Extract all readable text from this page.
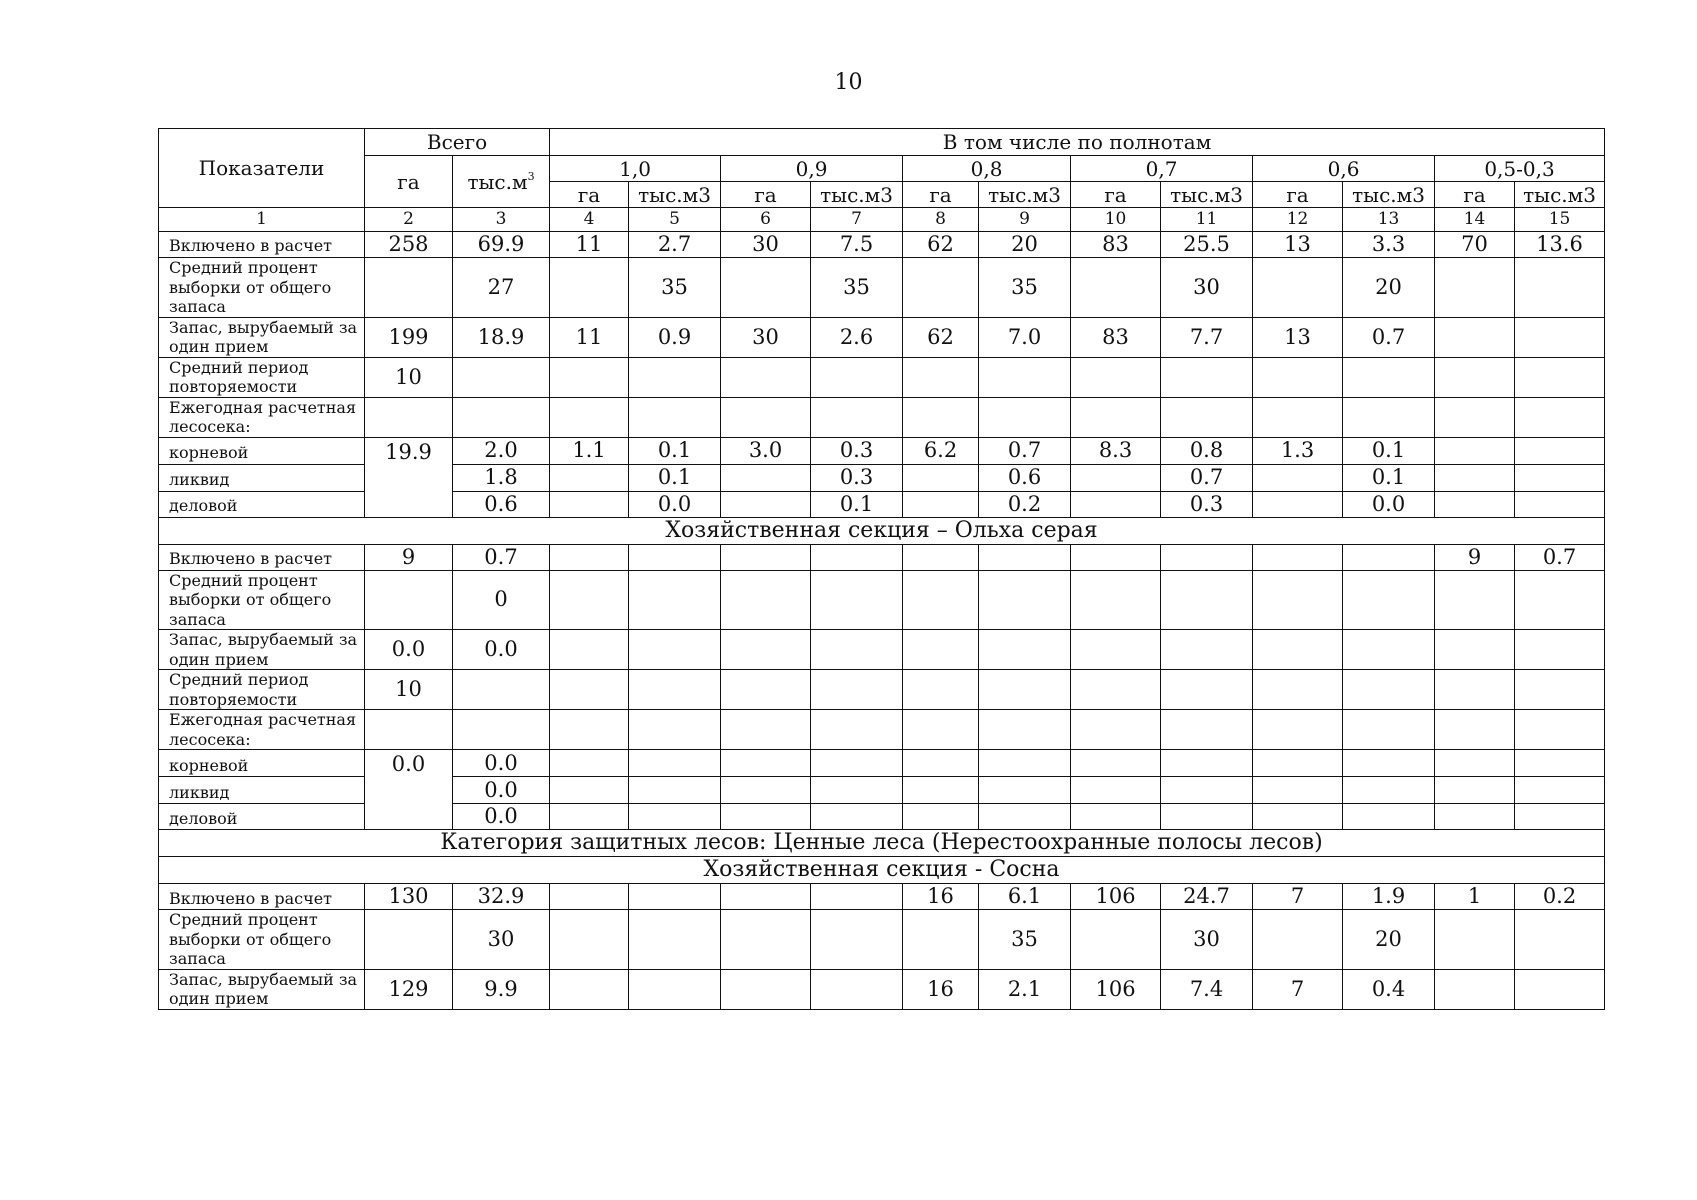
10
Показатели	Всего		В том числе по полнотам											
	га	$тыс.м^3$	1,0		0,9		0,8		0,7		0,6		0,5-0,3	
			га	тыс.м3	га	тыс.м3	га	тыс.м3	га	тыс.м3	га	тыс.м3	га	тыс.м3
1	2	3	4	5	6	7	8	9	10	11	12	13	14	15
Включено в расчет	258	69.9	11	2.7	30	7.5	62	20	83	25.5	13	3.3	70	13.6
Средний процент выборки от общего запаса		27		35		35		35		30		20		
Запас, вырубаемый за один прием	199	18.9	11	0.9	30	2.6	62	7.0	83	7.7	13	0.7		
Средний период повторяемости	10													
Ежегодная расчетная лесосека:														
корневой	19.9	2.0	1.1	0.1	3.0	0.3	6.2	0.7	8.3	0.8	1.3	0.1		
ликвид		1.8		0.1		0.3		0.6		0.7		0.1		
деловой		0.6		0.0		0.1		0.2		0.3		0.0		
Хозяйственная секция – Ольха серая														
Включено в расчет	9	0.7											9	0.7
Средний процент выборки от общего запаса		0												
Запас, вырубаемый за один прием	0.0	0.0												
Средний период повторяемости	10													
Ежегодная расчетная лесосека:														
корневой	0.0	0.0												
ликвид		0.0												
деловой		0.0												
Категория защитных лесов: Ценные леса (Нерестоохранные полосы лесов)														
Хозяйственная секция - Сосна														
Включено в расчет	130	32.9					16	6.1	106	24.7	7	1.9	1	0.2
Средний процент выборки от общего запаса		30						35		30		20		
Запас, вырубаемый за один прием	129	9.9					16	2.1	106	7.4	7	0.4		
